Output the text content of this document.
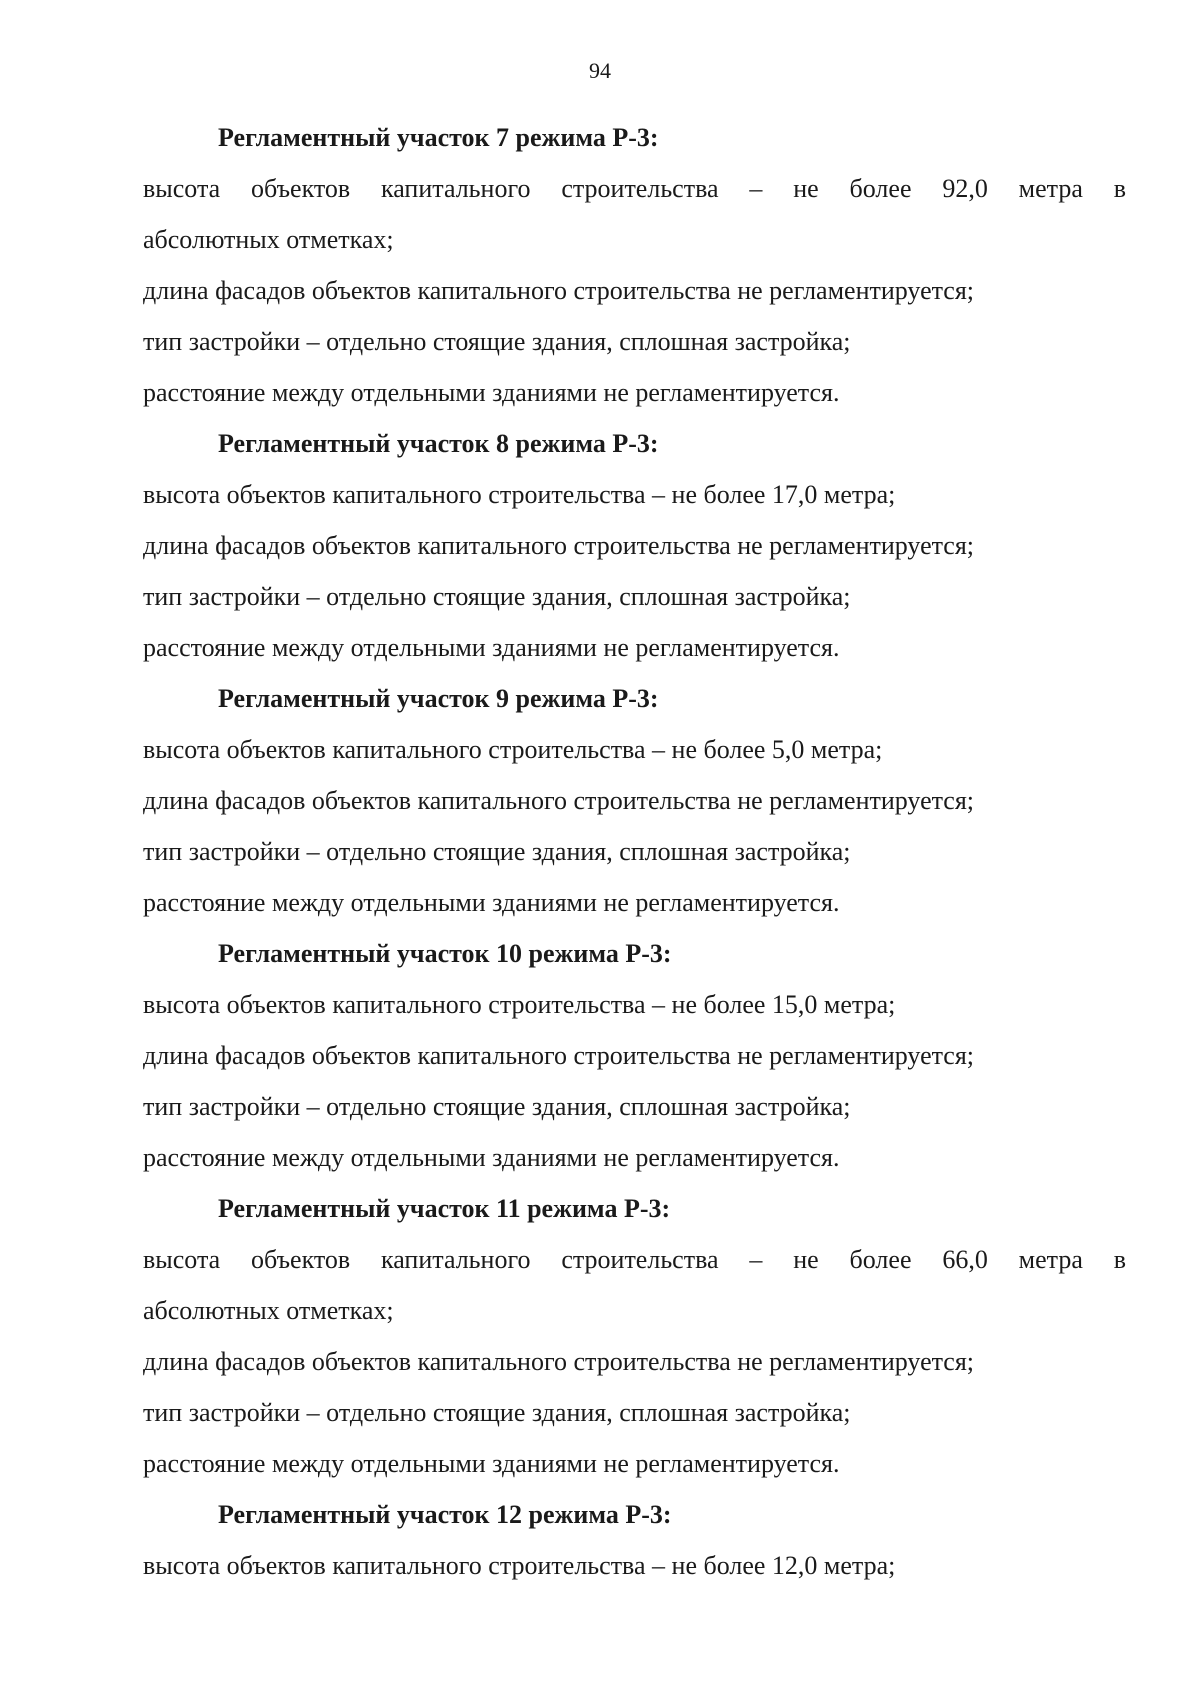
94
Регламентный участок 7 режима Р-3:
высота объектов капитального строительства – не более 92,0 метра в
абсолютных отметках;
длина фасадов объектов капитального строительства не регламентируется;
тип застройки – отдельно стоящие здания, сплошная застройка;
расстояние между отдельными зданиями не регламентируется.
Регламентный участок 8 режима Р-3:
высота объектов капитального строительства – не более 17,0 метра;
длина фасадов объектов капитального строительства не регламентируется;
тип застройки – отдельно стоящие здания, сплошная застройка;
расстояние между отдельными зданиями не регламентируется.
Регламентный участок 9 режима Р-3:
высота объектов капитального строительства – не более 5,0 метра;
длина фасадов объектов капитального строительства не регламентируется;
тип застройки – отдельно стоящие здания, сплошная застройка;
расстояние между отдельными зданиями не регламентируется.
Регламентный участок 10 режима Р-3:
высота объектов капитального строительства – не более 15,0 метра;
длина фасадов объектов капитального строительства не регламентируется;
тип застройки – отдельно стоящие здания, сплошная застройка;
расстояние между отдельными зданиями не регламентируется.
Регламентный участок 11 режима Р-3:
высота объектов капитального строительства – не более 66,0 метра в
абсолютных отметках;
длина фасадов объектов капитального строительства не регламентируется;
тип застройки – отдельно стоящие здания, сплошная застройка;
расстояние между отдельными зданиями не регламентируется.
Регламентный участок 12 режима Р-3:
высота объектов капитального строительства – не более 12,0 метра;
